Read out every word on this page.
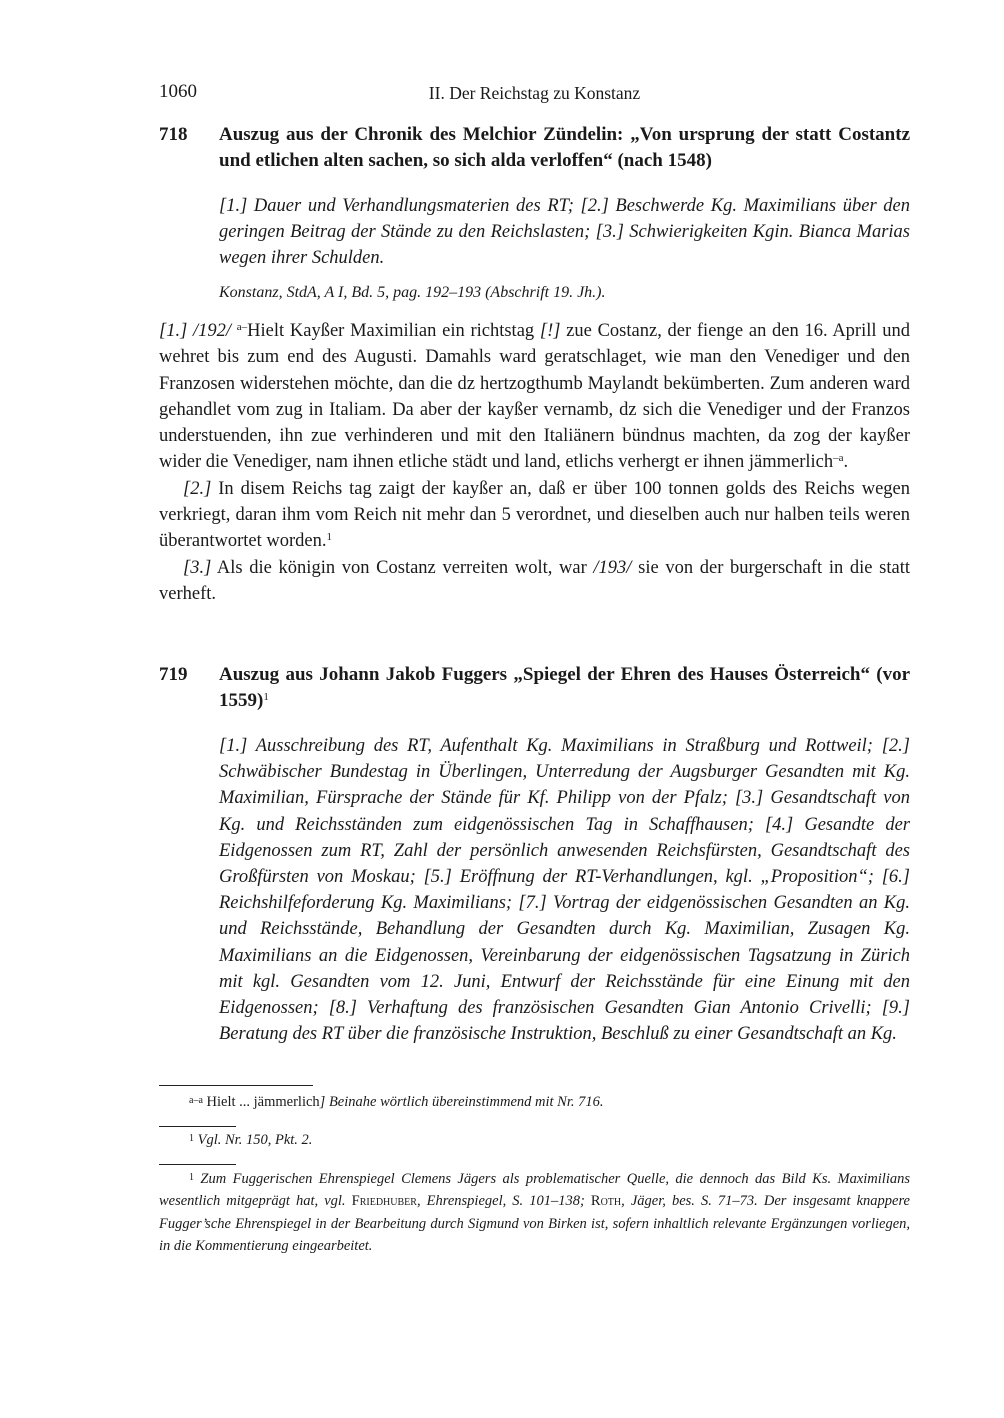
1060	II. Der Reichstag zu Konstanz
718 Auszug aus der Chronik des Melchior Zündelin: „Von ursprung der statt Costantz und etlichen alten sachen, so sich alda verloffen“ (nach 1548)
[1.] Dauer und Verhandlungsmaterien des RT; [2.] Beschwerde Kg. Maximilians über den geringen Beitrag der Stände zu den Reichslasten; [3.] Schwierigkeiten Kgin. Bianca Marias wegen ihrer Schulden.
Konstanz, StdA, A I, Bd. 5, pag. 192–193 (Abschrift 19. Jh.).

[1.] /192/ $^{a-}$Hielt Kayßer Maximilian ein richtstag [!] zue Costanz, der fienge an den 16. Aprill und wehret bis zum end des Augusti. Damahls ward geratschlaget, wie man den Venediger und den Franzosen widerstehen möchte, dan die dz hertzogthumb Maylandt bekümberten. Zum anderen ward gehandlet vom zug in Italiam. Da aber der kayßer vernamb, dz sich die Venediger und der Franzos understuenden, ihn zue verhinderen und mit den Italiänern bündnus machten, da zog der kayßer wider die Venediger, nam ihnen etliche städt und land, etlichs verhergt er ihnen jämmerlich$^{-a}$.

[2.] In disem Reichs tag zaigt der kayßer an, daß er über 100 tonnen golds des Reichs wegen verkriegt, daran ihm vom Reich nit mehr dan 5 verordnet, und dieselben auch nur halben teils weren überantwortet worden.$^1$

[3.] Als die königin von Costanz verreiten wolt, war /193/ sie von der burgerschaft in die statt verheft.

719 Auszug aus Johann Jakob Fuggers „Spiegel der Ehren des Hauses Österreich“ (vor 1559)$^1$
[1.] Ausschreibung des RT, Aufenthalt Kg. Maximilians in Straßburg und Rottweil; [2.] Schwäbischer Bundestag in Überlingen, Unterredung der Augsburger Gesandten mit Kg. Maximilian, Fürsprache der Stände für Kf. Philipp von der Pfalz; [3.] Gesandtschaft von Kg. und Reichsständen zum eidgenössischen Tag in Schaffhausen; [4.] Gesandte der Eidgenossen zum RT, Zahl der persönlich anwesenden Reichsfürsten, Gesandtschaft des Großfürsten von Moskau; [5.] Eröffnung der RT-Verhandlungen, kgl. „Proposition“; [6.] Reichshilfeforderung Kg. Maximilians; [7.] Vortrag der eidgenössischen Gesandten an Kg. und Reichsstände, Behandlung der Gesandten durch Kg. Maximilian, Zusagen Kg. Maximilians an die Eidgenossen, Vereinbarung der eidgenössischen Tagsatzung in Zürich mit kgl. Gesandten vom 12. Juni, Entwurf der Reichsstände für eine Einung mit den Eidgenossen; [8.] Verhaftung des französischen Gesandten Gian Antonio Crivelli; [9.] Beratung des RT über die französische Instruktion, Beschluß zu einer Gesandtschaft an Kg.
$^{a-a}$ Hielt ... jämmerlich] Beinahe wörtlich übereinstimmend mit Nr. 716.
$^1$ Vgl. Nr. 150, Pkt. 2.
$^1$ Zum Fuggerischen Ehrenspiegel Clemens Jägers als problematischer Quelle, die dennoch das Bild Ks. Maximilians wesentlich mitgeprägt hat, vgl. Friedhuber, Ehrenspiegel, S. 101–138; Roth, Jäger, bes. S. 71–73. Der insgesamt knappere Fugger’sche Ehrenspiegel in der Bearbeitung durch Sigmund von Birken ist, sofern inhaltlich relevante Ergänzungen vorliegen, in die Kommentierung eingearbeitet.
